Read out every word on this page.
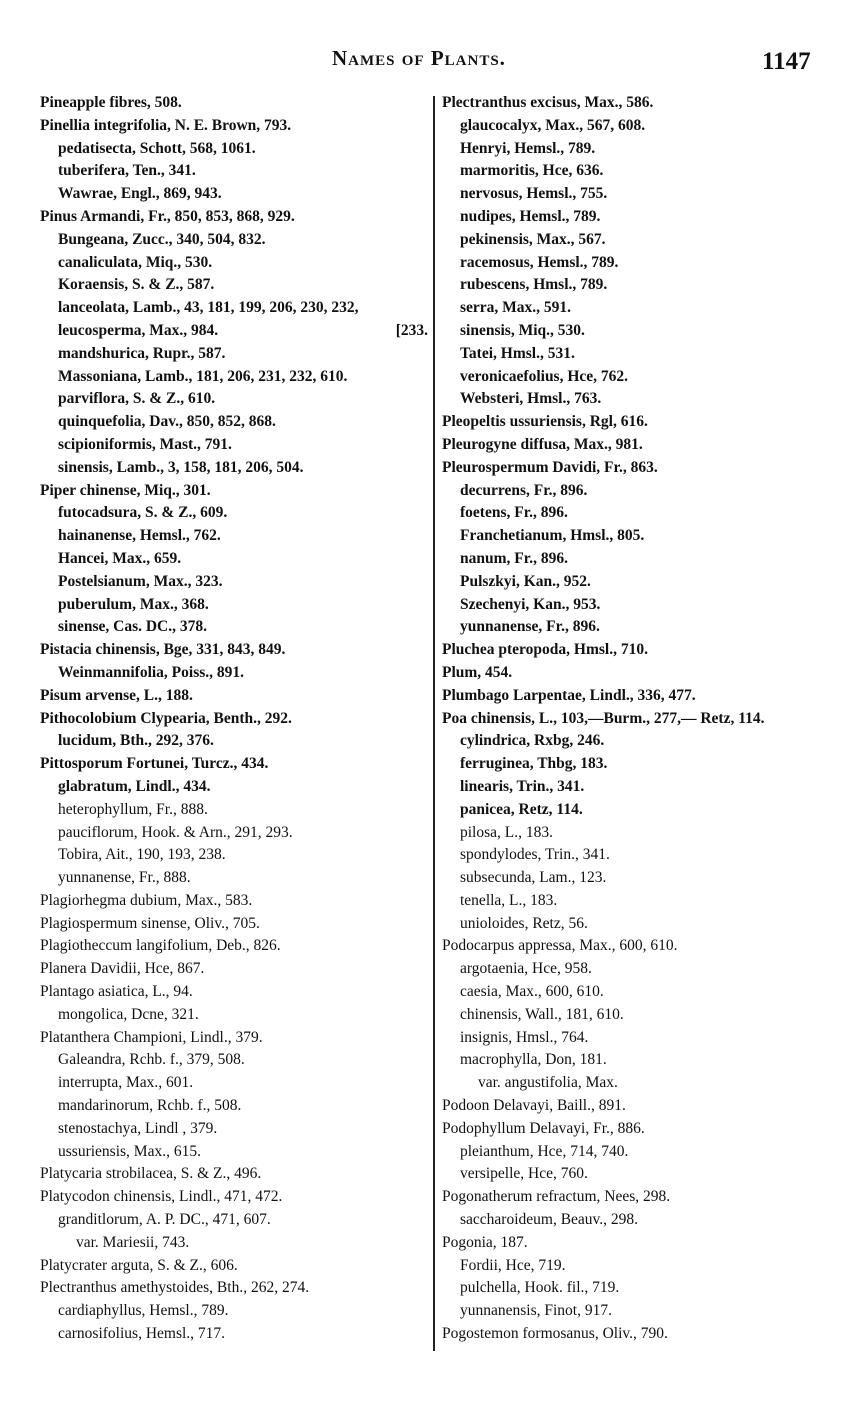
Names of Plants.	1147
Pineapple fibres, 508.
Pinellia integrifolia, N. E. Brown, 793.
pedatisecta, Schott, 568, 1061.
tuberifera, Ten., 341.
Wawrae, Engl., 869, 943.
Pinus Armandi, Fr., 850, 853, 868, 929.
Bungeana, Zucc., 340, 504, 832.
canaliculata, Miq., 530.
Koraensis, S. & Z., 587.
lanceolata, Lamb., 43, 181, 199, 206, 230, 232,
leucosperma, Max., 984.	[233.
mandshurica, Rupr., 587.
Massoniana, Lamb., 181, 206, 231, 232, 610.
parviflora, S. & Z., 610.
quinquefolia, Dav., 850, 852, 868.
scipioniformis, Mast., 791.
sinensis, Lamb., 3, 158, 181, 206, 504.
Piper chinense, Miq., 301.
futocadsura, S. & Z., 609.
hainanense, Hemsl., 762.
Hancei, Max., 659.
Postelsianum, Max., 323.
puberulum, Max., 368.
sinense, Cas. DC., 378.
Pistacia chinensis, Bge, 331, 843, 849.
Weinmannifolia, Poiss., 891.
Pisum arvense, L., 188.
Pithocolobium Clypearia, Benth., 292.
lucidum, Bth., 292, 376.
Pittosporum Fortunei, Turcz., 434.
glabratum, Lindl., 434.
heterophyllum, Fr., 888.
pauciflorum, Hook. & Arn., 291, 293.
Tobira, Ait., 190, 193, 238.
yunnanense, Fr., 888.
Plagiorhegma dubium, Max., 583.
Plagiospermum sinense, Oliv., 705.
Plagiotheccum langifolium, Deb., 826.
Planera Davidii, Hce, 867.
Plantago asiatica, L., 94.
mongolica, Dcne, 321.
Platanthera Championi, Lindl., 379.
Galeandra, Rchb. f., 379, 508.
interrupta, Max., 601.
mandarinorum, Rchb. f., 508.
stenostachya, Lindl , 379.
ussuriensis, Max., 615.
Platycaria strobilacea, S. & Z., 496.
Platycodon chinensis, Lindl., 471, 472.
granditlorum, A. P. DC., 471, 607.
var. Mariesii, 743.
Platycrater arguta, S. & Z., 606.
Plectranthus amethystoides, Bth., 262, 274.
cardiaphyllus, Hemsl., 789.
carnosifolius, Hemsl., 717.
Plectranthus excisus, Max., 586.
glaucocalyx, Max., 567, 608.
Henryi, Hemsl., 789.
marmoritis, Hce, 636.
nervosus, Hemsl., 755.
nudipes, Hemsl., 789.
pekinensis, Max., 567.
racemosus, Hemsl., 789.
rubescens, Hmsl., 789.
serra, Max., 591.
sinensis, Miq., 530.
Tatei, Hmsl., 531.
veronicaefolius, Hce, 762.
Websteri, Hmsl., 763.
Pleopeltis ussuriensis, Rgl, 616.
Pleurogyne diffusa, Max., 981.
Pleurospermum Davidi, Fr., 863.
decurrens, Fr., 896.
foetens, Fr., 896.
Franchetianum, Hmsl., 805.
nanum, Fr., 896.
Pulszkyi, Kan., 952.
Szechenyi, Kan., 953.
yunnanense, Fr., 896.
Pluchea pteropoda, Hmsl., 710.
Plum, 454.
Plumbago Larpentae, Lindl., 336, 477.
Poa chinensis, L., 103,—Burm., 277,— Retz, 114.
cylindrica, Rxbg, 246.
ferruginea, Thbg, 183.
linearis, Trin., 341.
panicea, Retz, 114.
pilosa, L., 183.
spondylodes, Trin., 341.
subsecunda, Lam., 123.
tenella, L., 183.
unioloides, Retz, 56.
Podocarpus appressa, Max., 600, 610.
argotaenia, Hce, 958.
caesia, Max., 600, 610.
chinensis, Wall., 181, 610.
insignis, Hmsl., 764.
macrophylla, Don, 181.
var. angustifolia, Max.
Podoon Delavayi, Baill., 891.
Podophyllum Delavayi, Fr., 886.
pleianthum, Hce, 714, 740.
versipelle, Hce, 760.
Pogonatherum refractum, Nees, 298.
saccharoideum, Beauv., 298.
Pogonia, 187.
Fordii, Hce, 719.
pulchella, Hook. fil., 719.
yunnanensis, Finot, 917.
Pogostemon formosanus, Oliv., 790.
